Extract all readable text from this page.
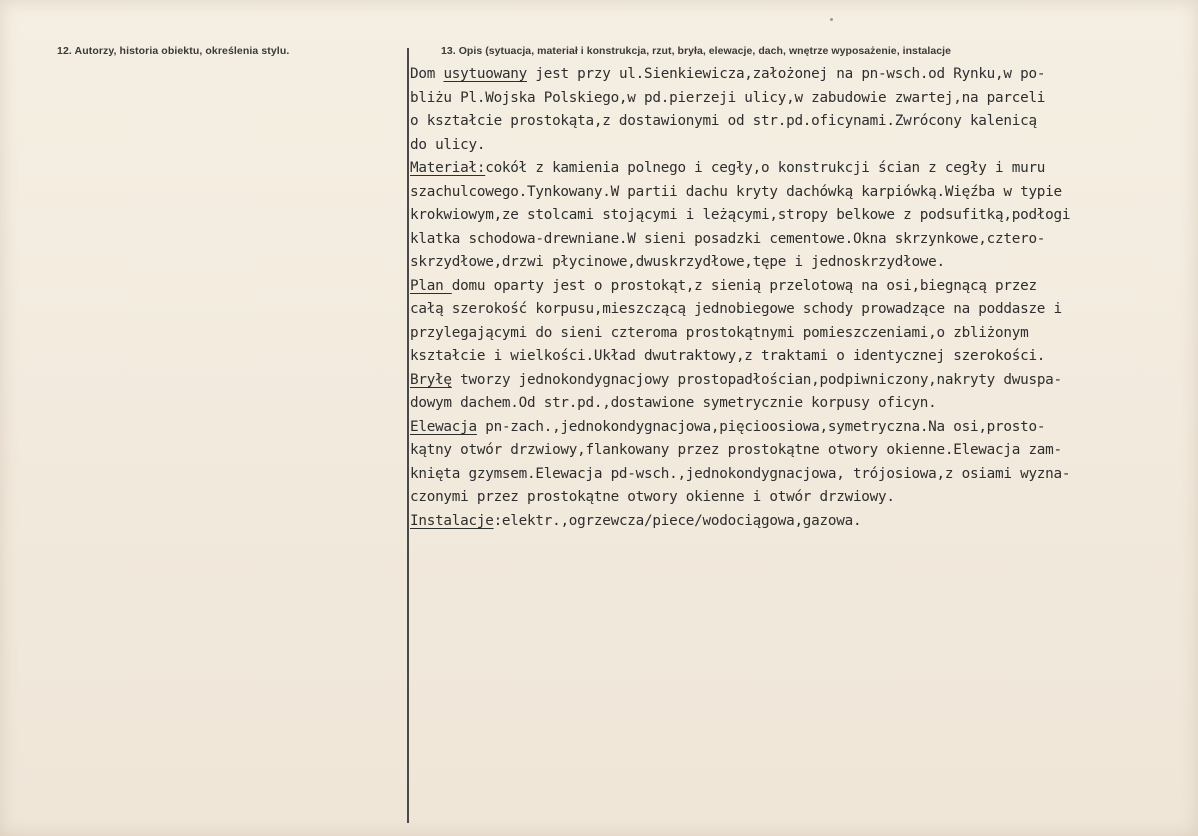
12. Autorzy, historia obiektu, określenia stylu.	13. Opis (sytuacja, materiał i konstrukcja, rzut, bryła, elewacje, dach, wnętrze wyposażenie, instalacje
Dom usytuowany jest przy ul.Sienkiewicza,założonej na pn-wsch.od Rynku,w po-
bliżu Pl.Wojska Polskiego,w pd.pierzeji ulicy,w zabudowie zwartej,na parceli
o kształcie prostokąta,z dostawionymi od str.pd.oficynami.Zwrócony kalenicą
do ulicy.
Materiał:cokół z kamienia polnego i cegły,o konstrukcji ścian z cegły i muru
szachulcowego.Tynkowany.W partii dachu kryty dachówką karpiówką.Więźba w typie
krokwiowym,ze stolcami stojącymi i leżącymi,stropy belkowe z podsufitką,podłogi
klatka schodowa-drewniane.W sieni posadzki cementowe.Okna skrzynkowe,cztero-
skrzydłowe,drzwi płycinowe,dwuskrzydłowe,tępe i jednoskrzydłowe.
Plan domu oparty jest o prostokąt,z sienią przelotową na osi,biegnącą przez
całą szerokość korpusu,mieszczącą jednobiegowe schody prowadzące na poddasze i
przylegającymi do sieni czteroma prostokątnymi pomieszczeniami,o zbliżonym
kształcie i wielkości.Układ dwutraktowy,z traktami o identycznej szerokości.
Bryłę tworzy jednokondygnacjowy prostopadłościan,podpiwniczony,nakryty dwuspa-
dowym dachem.Od str.pd.,dostawione symetrycznie korpusy oficyn.
Elewacja pn-zach.,jednokondygnacjowa,pięcioosiowa,symetryczna.Na osi,prosto-
kątny otwór drzwiowy,flankowany przez prostokątne otwory okienne.Elewacja zam-
knięta gzymsem.Elewacja pd-wsch.,jednokondygnacjowa, trójosiowa,z osiami wyzna-
czonymi przez prostokątne otwory okienne i otwór drzwiowy.
Instalacje:elektr.,ogrzewcza/piece/wodociągowa,gazowa.
